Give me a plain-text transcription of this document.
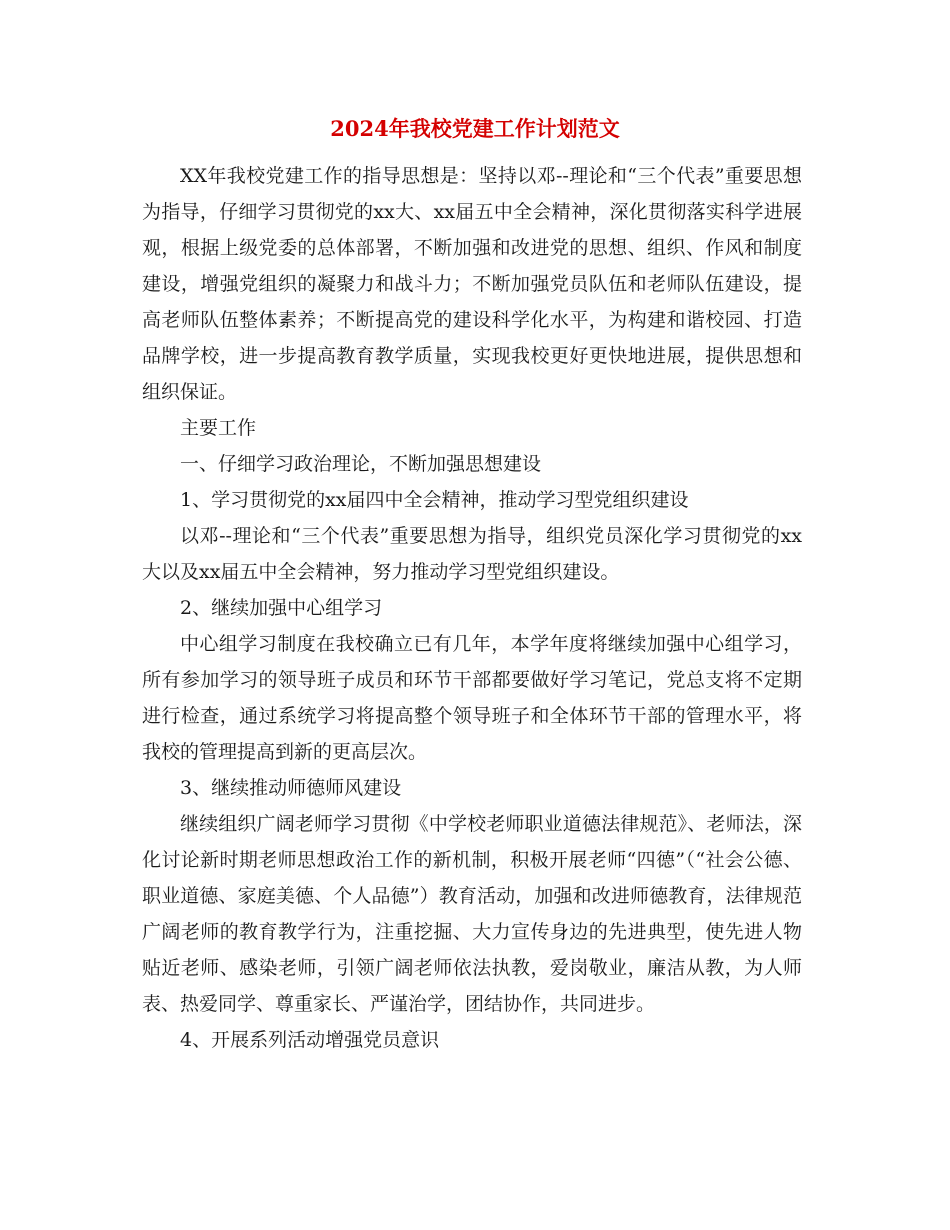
2024年我校党建工作计划范文

XX年我校党建工作的指导思想是：坚持以邓--理论和“三个代表”重要思想为指导，仔细学习贯彻党的xx大、xx届五中全会精神，深化贯彻落实科学进展观，根据上级党委的总体部署，不断加强和改进党的思想、组织、作风和制度建设，增强党组织的凝聚力和战斗力；不断加强党员队伍和老师队伍建设，提高老师队伍整体素养；不断提高党的建设科学化水平，为构建和谐校园、打造品牌学校，进一步提高教育教学质量，实现我校更好更快地进展，提供思想和组织保证。

主要工作

一、仔细学习政治理论，不断加强思想建设

1、学习贯彻党的xx届四中全会精神，推动学习型党组织建设

以邓--理论和“三个代表”重要思想为指导，组织党员深化学习贯彻党的xx大以及xx届五中全会精神，努力推动学习型党组织建设。

2、继续加强中心组学习

中心组学习制度在我校确立已有几年，本学年度将继续加强中心组学习，所有参加学习的领导班子成员和环节干部都要做好学习笔记，党总支将不定期进行检查，通过系统学习将提高整个领导班子和全体环节干部的管理水平，将我校的管理提高到新的更高层次。

3、继续推动师德师风建设

继续组织广阔老师学习贯彻《中学校老师职业道德法律规范》、老师法，深化讨论新时期老师思想政治工作的新机制，积极开展老师“四德”（“社会公德、职业道德、家庭美德、个人品德”）教育活动，加强和改进师德教育，法律规范广阔老师的教育教学行为，注重挖掘、大力宣传身边的先进典型，使先进人物贴近老师、感染老师，引领广阔老师依法执教，爱岗敬业，廉洁从教，为人师表、热爱同学、尊重家长、严谨治学，团结协作，共同进步。

4、开展系列活动增强党员意识
